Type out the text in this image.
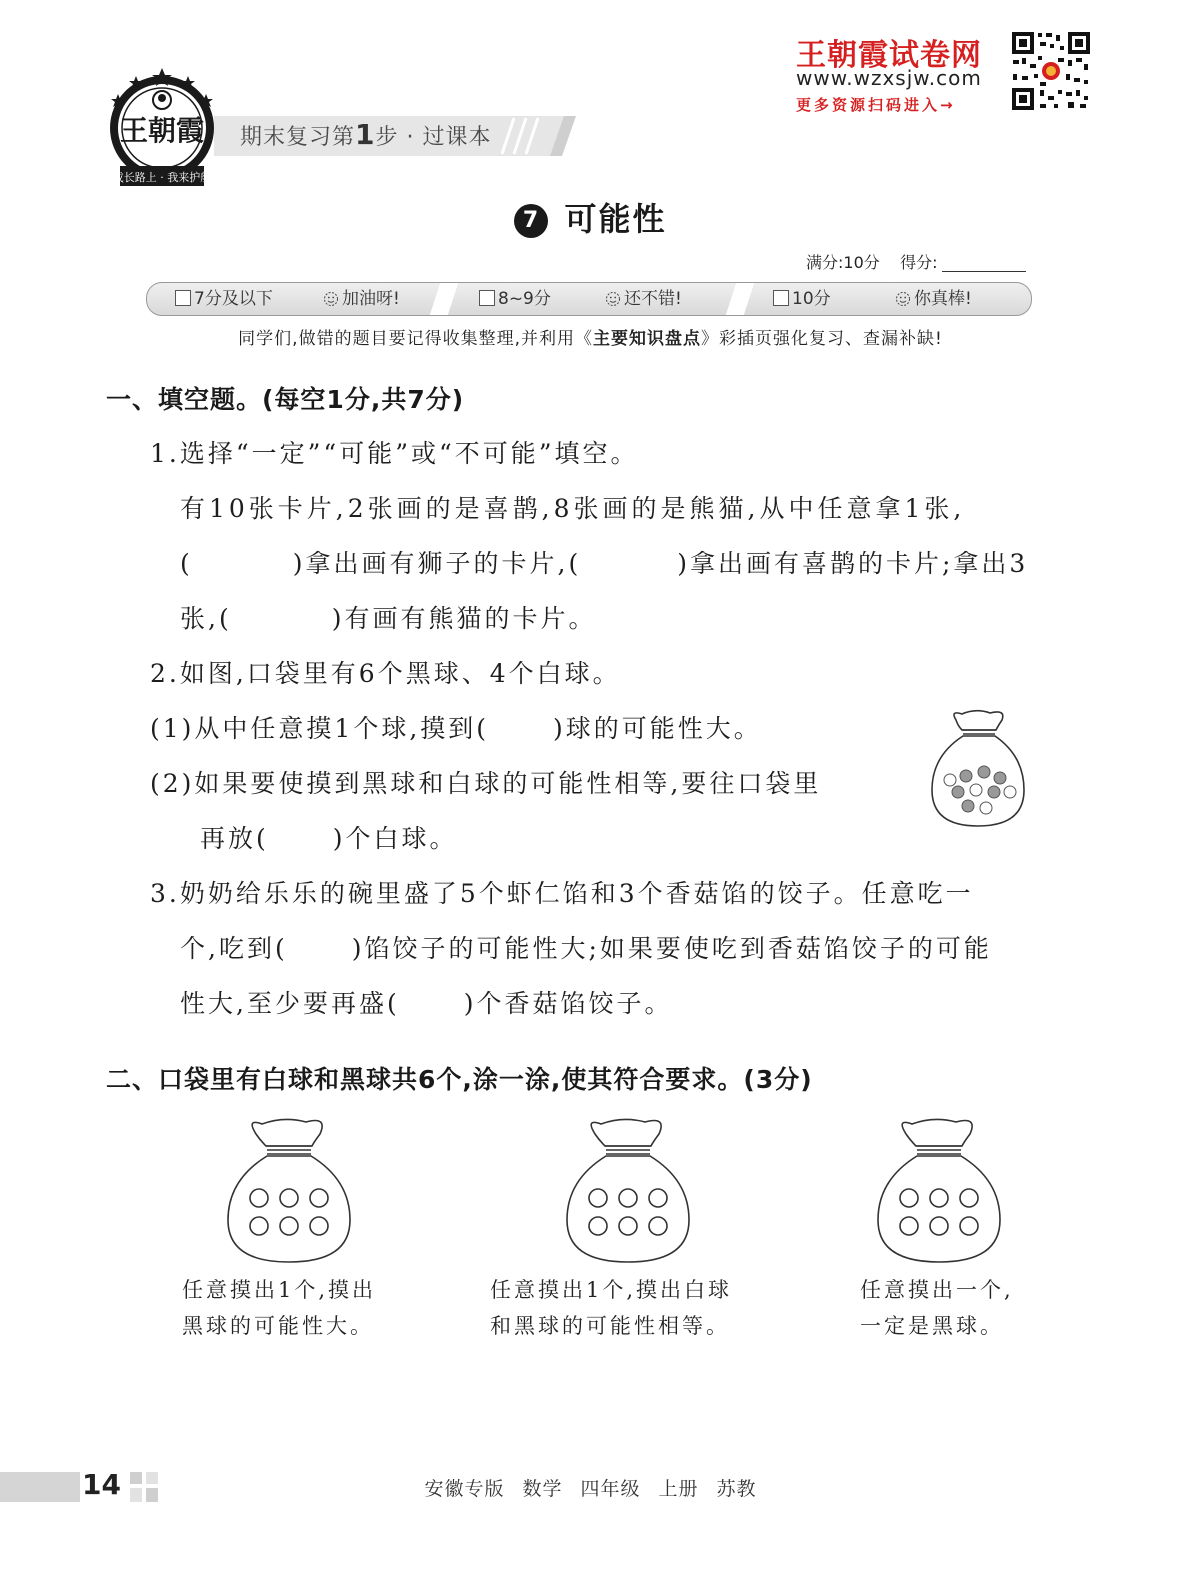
王朝霞试卷网
www.wzxsjw.com
更多资源扫码进入→
王朝霞
成长路上 · 我来护航
期末复习第1步 · 过课本
7 可能性
满分:10分 得分:
7分及以下	加油呀!	8~9分	还不错!	10分	你真棒!
同学们,做错的题目要记得收集整理,并利用《主要知识盘点》彩插页强化复习、查漏补缺!
一、填空题。(每空1分,共7分)
1.选择“一定”“可能”或“不可能”填空。
有10张卡片,2张画的是喜鹊,8张画的是熊猫,从中任意拿1张,
(	)拿出画有狮子的卡片,(	)拿出画有喜鹊的卡片;拿出3
张,(	)有画有熊猫的卡片。
2.如图,口袋里有6个黑球、4个白球。
(1)从中任意摸1个球,摸到(	)球的可能性大。
(2)如果要使摸到黑球和白球的可能性相等,要往口袋里
再放(	)个白球。
3.奶奶给乐乐的碗里盛了5个虾仁馅和3个香菇馅的饺子。任意吃一
个,吃到(	)馅饺子的可能性大;如果要使吃到香菇馅饺子的可能
性大,至少要再盛(	)个香菇馅饺子。
二、口袋里有白球和黑球共6个,涂一涂,使其符合要求。(3分)
任意摸出1个,摸出
黑球的可能性大。
任意摸出1个,摸出白球
和黑球的可能性相等。
任意摸出一个,
一定是黑球。
14	安徽专版 数学 四年级 上册 苏教
